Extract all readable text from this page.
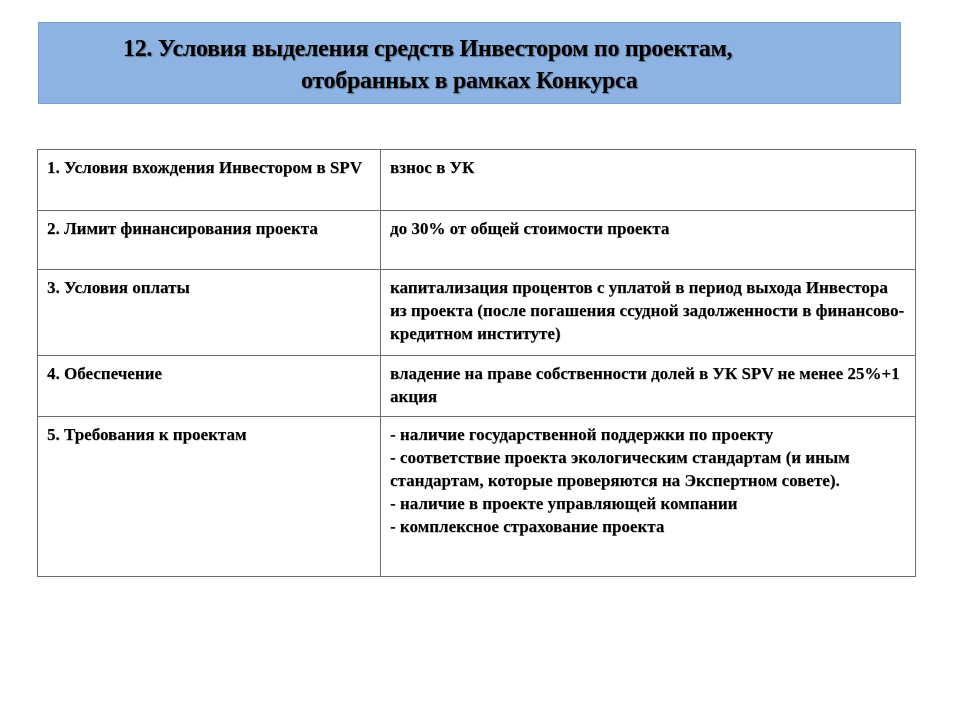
12. Условия выделения средств Инвестором по проектам,
отобранных в рамках Конкурса
1. Условия вхождения Инвестором в SPV	взнос в УК

2. Лимит финансирования проекта	до 30% от общей стоимости проекта

3. Условия оплаты	капитализация процентов с уплатой в период выхода Инвестора из проекта (после погашения ссудной задолженности в финансово-кредитном институте)

4. Обеспечение	владение на праве собственности долей в УК SPV не менее 25%+1 акция

5. Требования к проектам	- наличие государственной поддержки по проекту
- соответствие проекта экологическим стандартам (и иным стандартам, которые проверяются на Экспертном совете).
- наличие в проекте управляющей компании
- комплексное страхование проекта
